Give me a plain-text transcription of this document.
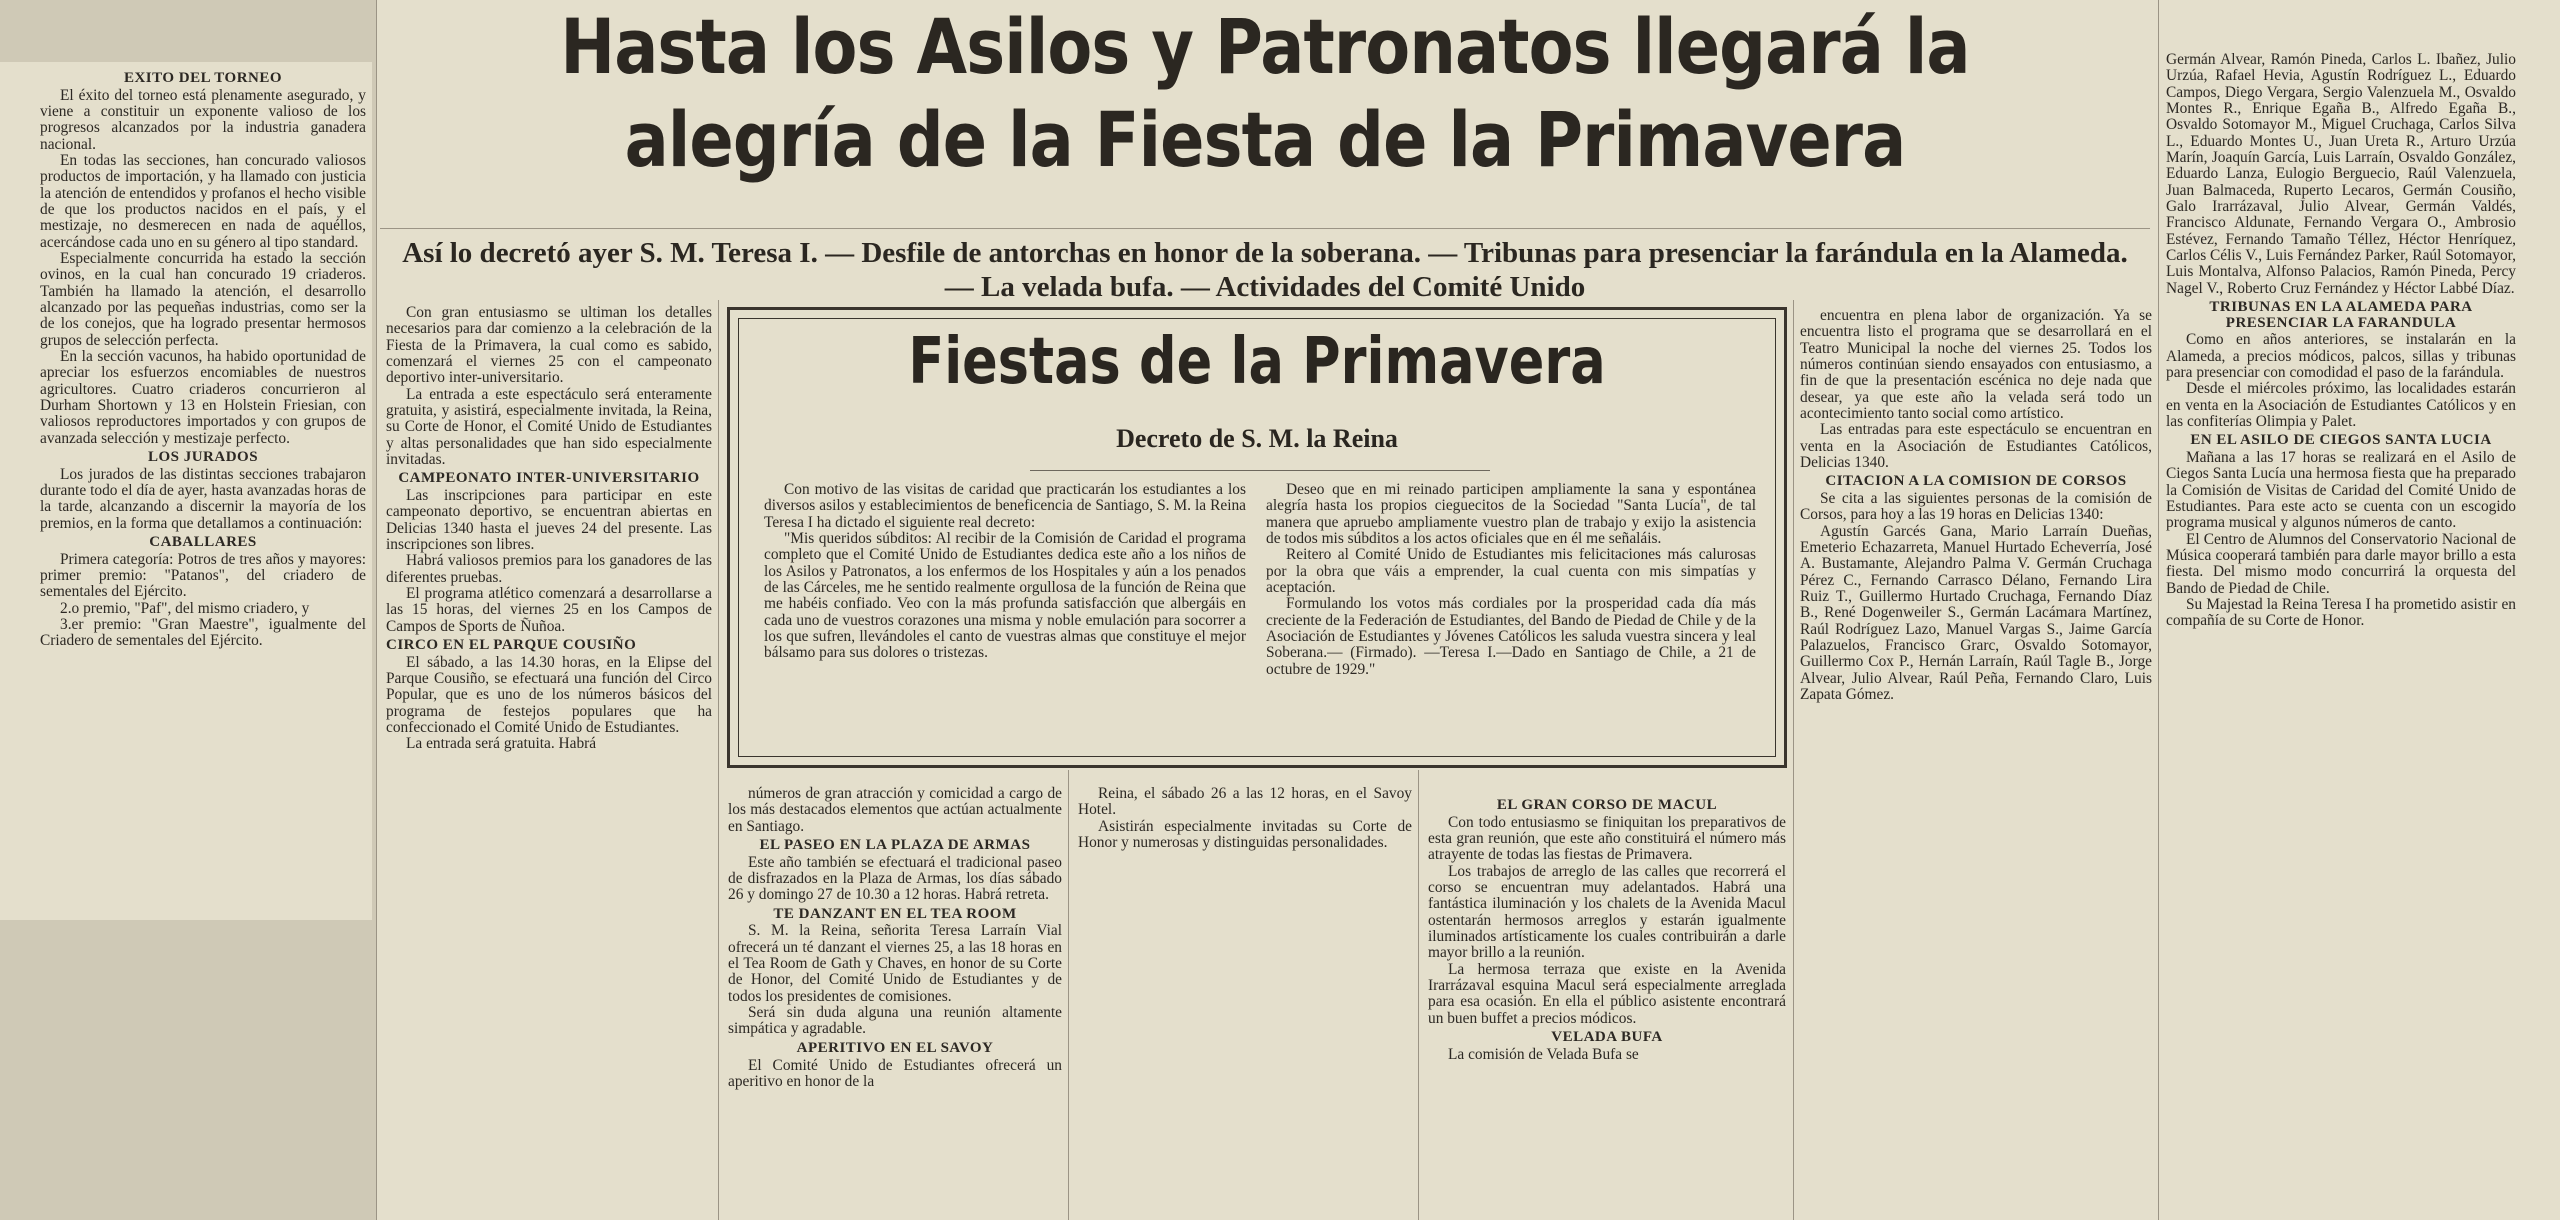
Hasta los Asilos y Patronatos llegará la alegría de la Fiesta de la Primavera

Así lo decretó ayer S. M. Teresa I. — Desfile de antorchas en honor de la soberana. — Tribunas para presenciar la farándula en la Alameda. — La velada bufa. — Actividades del Comité Unido

EXITO DEL TORNEO

El éxito del torneo está plenamente asegurado, y viene a constituir un exponente valioso de los progresos alcanzados por la industria ganadera nacional.

En todas las secciones, han concurado valiosos productos de importación, y ha llamado con justicia la atención de entendidos y profanos el hecho visible de que los productos nacidos en el país, y el mestizaje, no desmerecen en nada de aquéllos, acercándose cada uno en su género al tipo standard.

Especialmente concurrida ha estado la sección ovinos, en la cual han concurado 19 criaderos. También ha llamado la atención, el desarrollo alcanzado por las pequeñas industrias, como ser la de los conejos, que ha logrado presentar hermosos grupos de selección perfecta.

En la sección vacunos, ha habido oportunidad de apreciar los esfuerzos encomiables de nuestros agricultores. Cuatro criaderos concurrieron al Durham Shortown y 13 en Holstein Friesian, con valiosos reproductores importados y con grupos de avanzada selección y mestizaje perfecto.

LOS JURADOS

Los jurados de las distintas secciones trabajaron durante todo el día de ayer, hasta avanzadas horas de la tarde, alcanzando a discernir la mayoría de los premios, en la forma que detallamos a continuación:

CABALLARES

Primera categoría: Potros de tres años y mayores: primer premio: "Patanos", del criadero de sementales del Ejército.

2.o premio, "Paf", del mismo criadero, y

3.er premio: "Gran Maestre", igualmente del Criadero de sementales del Ejército.

Con gran entusiasmo se ultiman los detalles necesarios para dar comienzo a la celebración de la Fiesta de la Primavera, la cual como es sabido, comenzará el viernes 25 con el campeonato deportivo inter-universitario.

La entrada a este espectáculo será enteramente gratuita, y asistirá, especialmente invitada, la Reina, su Corte de Honor, el Comité Unido de Estudiantes y altas personalidades que han sido especialmente invitadas.

CAMPEONATO INTER-UNIVERSITARIO

Las inscripciones para participar en este campeonato deportivo, se encuentran abiertas en Delicias 1340 hasta el jueves 24 del presente. Las inscripciones son libres.

Habrá valiosos premios para los ganadores de las diferentes pruebas.

El programa atlético comenzará a desarrollarse a las 15 horas, del viernes 25 en los Campos de Campos de Sports de Ñuñoa.

CIRCO EN EL PARQUE COUSIÑO

El sábado, a las 14.30 horas, en la Elipse del Parque Cousiño, se efectuará una función del Circo Popular, que es uno de los números básicos del programa de festejos populares que ha confeccionado el Comité Unido de Estudiantes.

La entrada será gratuita. Habrá

Fiestas de la Primavera

Decreto de S. M. la Reina

Con motivo de las visitas de caridad que practicarán los estudiantes a los diversos asilos y establecimientos de beneficencia de Santiago, S. M. la Reina Teresa I ha dictado el siguiente real decreto:

"Mis queridos súbditos: Al recibir de la Comisión de Caridad el programa completo que el Comité Unido de Estudiantes dedica este año a los niños de los Asilos y Patronatos, a los enfermos de los Hospitales y aún a los penados de las Cárceles, me he sentido realmente orgullosa de la función de Reina que me habéis confiado. Veo con la más profunda satisfacción que albergáis en cada uno de vuestros corazones una misma y noble emulación para socorrer a los que sufren, llevándoles el canto de vuestras almas que constituye el mejor bálsamo para sus dolores o tristezas.

Deseo que en mi reinado participen ampliamente la sana y espontánea alegría hasta los propios cieguecitos de la Sociedad "Santa Lucía", de tal manera que apruebo ampliamente vuestro plan de trabajo y exijo la asistencia de todos mis súbditos a los actos oficiales que en él me señaláis.

Reitero al Comité Unido de Estudiantes mis felicitaciones más calurosas por la obra que váis a emprender, la cual cuenta con mis simpatías y aceptación.

Formulando los votos más cordiales por la prosperidad cada día más creciente de la Federación de Estudiantes, del Bando de Piedad de Chile y de la Asociación de Estudiantes y Jóvenes Católicos les saluda vuestra sincera y leal Soberana.— (Firmado). —Teresa I.—Dado en Santiago de Chile, a 21 de octubre de 1929."

números de gran atracción y comicidad a cargo de los más destacados elementos que actúan actualmente en Santiago.

EL PASEO EN LA PLAZA DE ARMAS

Este año también se efectuará el tradicional paseo de disfrazados en la Plaza de Armas, los días sábado 26 y domingo 27 de 10.30 a 12 horas. Habrá retreta.

TE DANZANT EN EL TEA ROOM

S. M. la Reina, señorita Teresa Larraín Vial ofrecerá un té danzant el viernes 25, a las 18 horas en el Tea Room de Gath y Chaves, en honor de su Corte de Honor, del Comité Unido de Estudiantes y de todos los presidentes de comisiones.

Será sin duda alguna una reunión altamente simpática y agradable.

APERITIVO EN EL SAVOY

El Comité Unido de Estudiantes ofrecerá un aperitivo en honor de la

Reina, el sábado 26 a las 12 horas, en el Savoy Hotel.

Asistirán especialmente invitadas su Corte de Honor y numerosas y distinguidas personalidades.

EL GRAN CORSO DE MACUL

Con todo entusiasmo se finiquitan los preparativos de esta gran reunión, que este año constituirá el número más atrayente de todas las fiestas de Primavera.

Los trabajos de arreglo de las calles que recorrerá el corso se encuentran muy adelantados. Habrá una fantástica iluminación y los chalets de la Avenida Macul ostentarán hermosos arreglos y estarán igualmente iluminados artísticamente los cuales contribuirán a darle mayor brillo a la reunión.

La hermosa terraza que existe en la Avenida Irarrázaval esquina Macul será especialmente arreglada para esa ocasión. En ella el público asistente encontrará un buen buffet a precios módicos.

VELADA BUFA

La comisión de Velada Bufa se

encuentra en plena labor de organización. Ya se encuentra listo el programa que se desarrollará en el Teatro Municipal la noche del viernes 25. Todos los números continúan siendo ensayados con entusiasmo, a fin de que la presentación escénica no deje nada que desear, ya que este año la velada será todo un acontecimiento tanto social como artístico.

Las entradas para este espectáculo se encuentran en venta en la Asociación de Estudiantes Católicos, Delicias 1340.

CITACION A LA COMISION DE CORSOS

Se cita a las siguientes personas de la comisión de Corsos, para hoy a las 19 horas en Delicias 1340:

Agustín Garcés Gana, Mario Larraín Dueñas, Emeterio Echazarreta, Manuel Hurtado Echeverría, José A. Bustamante, Alejandro Palma V. Germán Cruchaga Pérez C., Fernando Carrasco Délano, Fernando Lira Ruiz T., Guillermo Hurtado Cruchaga, Fernando Díaz B., René Dogenweiler S., Germán Lacámara Martínez, Raúl Rodríguez Lazo, Manuel Vargas S., Jaime García Palazuelos, Francisco Grarc, Osvaldo Sotomayor, Guillermo Cox P., Hernán Larraín, Raúl Tagle B., Jorge Alvear, Julio Alvear, Raúl Peña, Fernando Claro, Luis Zapata Gómez.

Germán Alvear, Ramón Pineda, Carlos L. Ibañez, Julio Urzúa, Rafael Hevia, Agustín Rodríguez L., Eduardo Campos, Diego Vergara, Sergio Valenzuela M., Osvaldo Montes R., Enrique Egaña B., Alfredo Egaña B., Osvaldo Sotomayor M., Miguel Cruchaga, Carlos Silva L., Eduardo Montes U., Juan Ureta R., Arturo Urzúa Marín, Joaquín García, Luis Larraín, Osvaldo González, Eduardo Lanza, Eulogio Berguecio, Raúl Valenzuela, Juan Balmaceda, Ruperto Lecaros, Germán Cousiño, Galo Irarrázaval, Julio Alvear, Germán Valdés, Francisco Aldunate, Fernando Vergara O., Ambrosio Estévez, Fernando Tamaño Téllez, Héctor Henríquez, Carlos Célis V., Luis Fernández Parker, Raúl Sotomayor, Luis Montalva, Alfonso Palacios, Ramón Pineda, Percy Nagel V., Roberto Cruz Fernández y Héctor Labbé Díaz.

TRIBUNAS EN LA ALAMEDA PARA PRESENCIAR LA FARANDULA

Como en años anteriores, se instalarán en la Alameda, a precios módicos, palcos, sillas y tribunas para presenciar con comodidad el paso de la farándula.

Desde el miércoles próximo, las localidades estarán en venta en la Asociación de Estudiantes Católicos y en las confiterías Olimpia y Palet.

EN EL ASILO DE CIEGOS SANTA LUCIA

Mañana a las 17 horas se realizará en el Asilo de Ciegos Santa Lucía una hermosa fiesta que ha preparado la Comisión de Visitas de Caridad del Comité Unido de Estudiantes. Para este acto se cuenta con un escogido programa musical y algunos números de canto.

El Centro de Alumnos del Conservatorio Nacional de Música cooperará también para darle mayor brillo a esta fiesta. Del mismo modo concurrirá la orquesta del Bando de Piedad de Chile.

Su Majestad la Reina Teresa I ha prometido asistir en compañía de su Corte de Honor.
